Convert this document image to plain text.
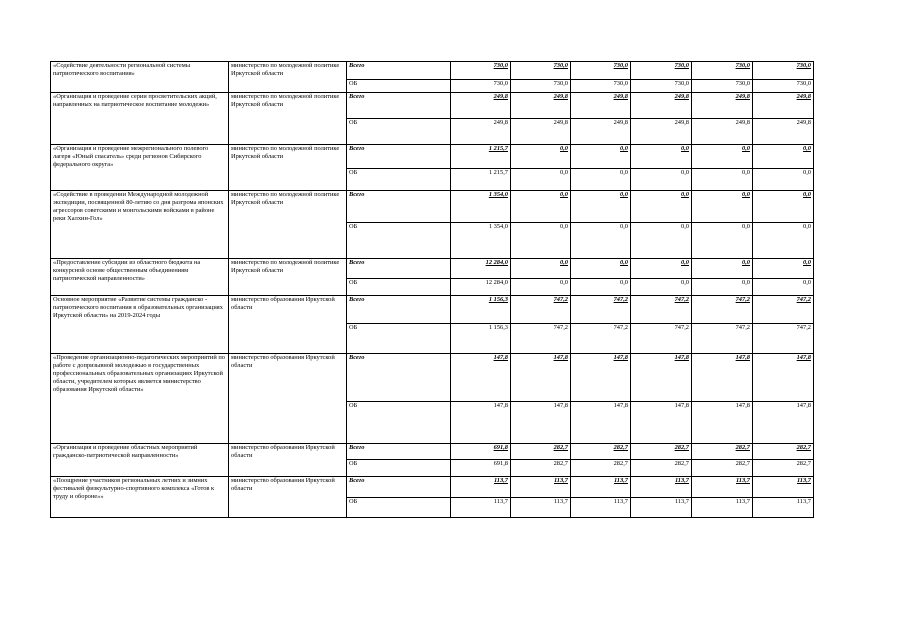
«Содействие деятельности региональной системы патриотического воспитания»	министерство по молодежной политике Иркутской области	Всего	730,0	730,0	730,0	730,0	730,0	730,0
		ОБ	730,0	730,0	730,0	730,0	730,0	730,0
«Организация и проведение серии просветительских акций, направленных на патриотическое воспитание молодежи»	министерство по молодежной политике Иркутской области	Всего	249,8	249,8	249,8	249,8	249,8	249,8
		ОБ	249,8	249,8	249,8	249,8	249,8	249,8
«Организация и проведение межрегионального полевого лагеря «Юный спасатель» среди регионов Сибирского федерального округа»	министерство по молодежной политике Иркутской области	Всего	1 215,7	0,0	0,0	0,0	0,0	0,0
		ОБ	1 215,7	0,0	0,0	0,0	0,0	0,0
«Содействие в проведении Международной молодежной экспедиции, посвященной 80-летию со дня разгрома японских агрессоров советскими и монгольскими войсками в районе реки Халхин-Гол»	министерство по молодежной политике Иркутской области	Всего	1 354,0	0,0	0,0	0,0	0,0	0,0
		ОБ	1 354,0	0,0	0,0	0,0	0,0	0,0
«Предоставление субсидии из областного бюджета на конкурсной основе общественным объединениям патриотической направленности»	министерство по молодежной политике Иркутской области	Всего	12 284,0	0,0	0,0	0,0	0,0	0,0
		ОБ	12 284,0	0,0	0,0	0,0	0,0	0,0
Основное мероприятие «Развитие системы гражданско - патриотического воспитания в образовательных организациях Иркутской области» на 2019-2024 годы	министерство образования Иркутской области	Всего	1 156,3	747,2	747,2	747,2	747,2	747,2
		ОБ	1 156,3	747,2	747,2	747,2	747,2	747,2
«Проведение организационно-педагогических мероприятий по работе с допризывной молодежью в государственных профессиональных образовательных организациях Иркутской области, учредителем которых является министерство образования Иркутской области»	министерство образования Иркутской области	Всего	147,8	147,8	147,8	147,8	147,8	147,8
		ОБ	147,8	147,8	147,8	147,8	147,8	147,8
«Организация и проведение областных мероприятий гражданско-патриотической направленности»	министерство образования Иркутской области	Всего	691,8	282,7	282,7	282,7	282,7	282,7
		ОБ	691,8	282,7	282,7	282,7	282,7	282,7
«Поощрение участников региональных летних и зимних фестивалей физкультурно-спортивного комплекса «Готов к труду и обороне»»	министерство образования Иркутской области	Всего	113,7	113,7	113,7	113,7	113,7	113,7
		ОБ	113,7	113,7	113,7	113,7	113,7	113,7
